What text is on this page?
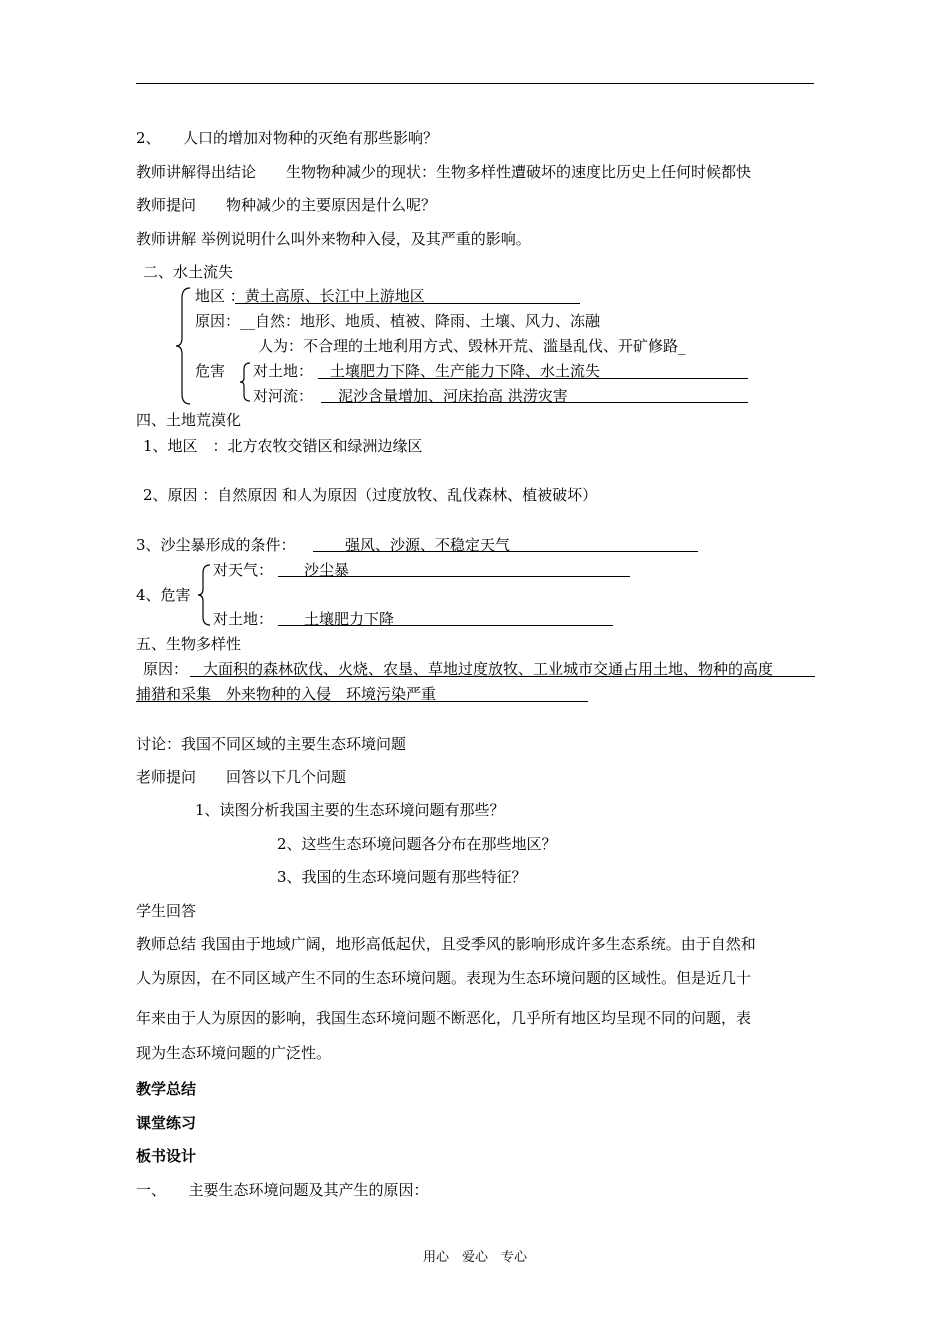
2、　　人口的增加对物种的灭绝有那些影响？
教师讲解得出结论　　生物物种减少的现状：生物多样性遭破坏的速度比历史上任何时候都快
教师提问　　物种减少的主要原因是什么呢？
教师讲解 举例说明什么叫外来物种入侵，及其严重的影响。
二、水土流失
地区 ：黄土高原、长江中上游地区
原因：__自然：地形、地质、植被、降雨、土壤、风力、冻融
人为：不合理的土地利用方式、毁林开荒、滥垦乱伐、开矿修路_
危害 对土地： 土壤肥力下降、生产能力下降、水土流失
对河流： 泥沙含量增加、河床抬高 洪涝灾害
四、土地荒漠化
1、地区　：北方农牧交错区和绿洲边缘区
2、原因 ：自然原因 和人为原因（过度放牧、乱伐森林、植被破坏）
3、沙尘暴形成的条件：	强风、沙源、不稳定天气
对天气： 沙尘暴
4、危害
对土地： 土壤肥力下降
五、生物多样性
原因： 大面积的森林砍伐、火烧、农垦、草地过度放牧、工业城市交通占用土地、物种的高度
捕猎和采集　外来物种的入侵　环境污染严重
讨论：我国不同区域的主要生态环境问题
老师提问　　回答以下几个问题
1、读图分析我国主要的生态环境问题有那些？
2、这些生态环境问题各分布在那些地区？
3、我国的生态环境问题有那些特征？
学生回答
教师总结 我国由于地域广阔，地形高低起伏，且受季风的影响形成许多生态系统。由于自然和
人为原因，在不同区域产生不同的生态环境问题。表现为生态环境问题的区域性。但是近几十
年来由于人为原因的影响，我国生态环境问题不断恶化，几乎所有地区均呈现不同的问题，表
现为生态环境问题的广泛性。
教学总结
课堂练习
板书设计
一、　　主要生态环境问题及其产生的原因：
用心　爱心　专心
